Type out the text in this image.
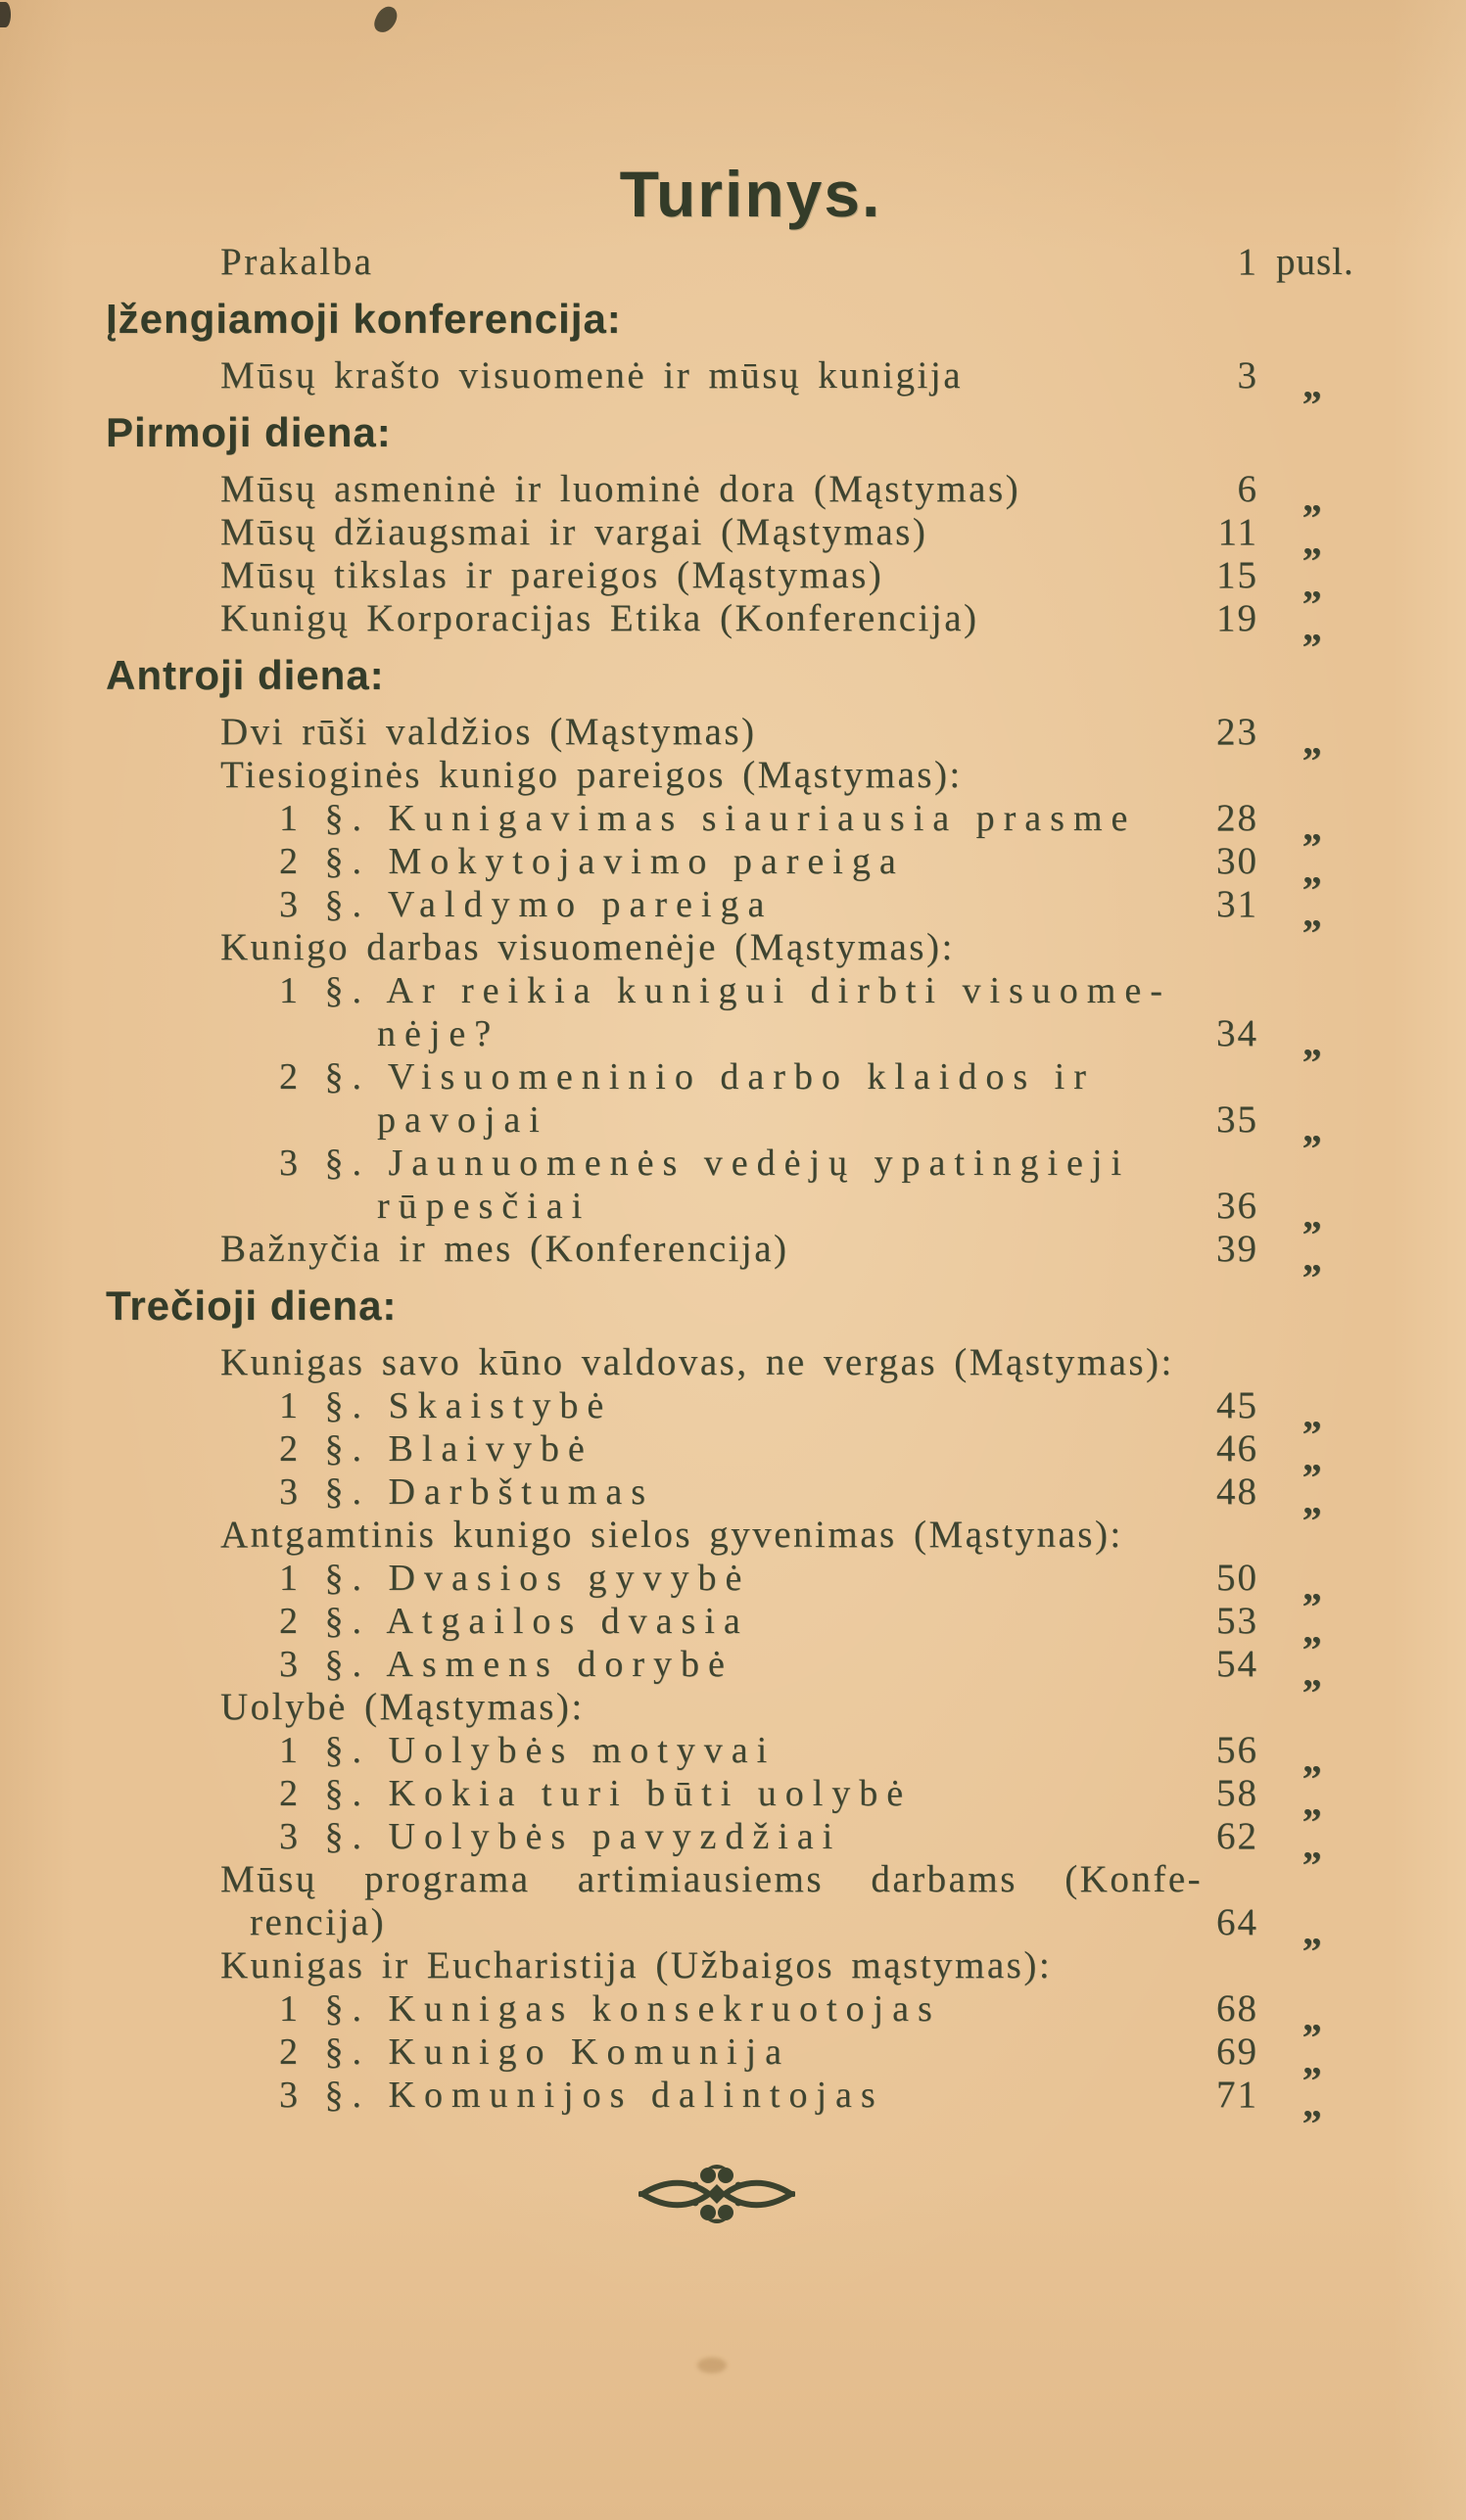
Turinys.
Prakalba	1 pusl.
Įžengiamoji konferencija:
Mūsų krašto visuomenė ir mūsų kunigija	3 „
Pirmoji diena:
Mūsų asmeninė ir luominė dora (Mąstymas)	6 „
Mūsų džiaugsmai ir vargai (Mąstymas)	11 „
Mūsų tikslas ir pareigos (Mąstymas)	15 „
Kunigų Korporacijas Etika (Konferencija)	19 „
Antroji diena:
Dvi rūši valdžios (Mąstymas)	23 „
Tiesioginės kunigo pareigos (Mąstymas):
1 §. Kunigavimas siauriausia prasme	28 „
2 §. Mokytojavimo pareiga	30 „
3 §. Valdymo pareiga	31 „
Kunigo darbas visuomenėje (Mąstymas):
1 §. Ar reikia kunigui dirbti visuome-
nėje?	34 „
2 §. Visuomeninio darbo klaidos ir
pavojai	35 „
3 §. Jaunuomenės vedėjų ypatingieji
rūpesčiai	36 „
Bažnyčia ir mes (Konferencija)	39 „
Trečioji diena:
Kunigas savo kūno valdovas, ne vergas (Mąstymas):
1 §. Skaistybė	45 „
2 §. Blaivybė	46 „
3 §. Darbštumas	48 „
Antgamtinis kunigo sielos gyvenimas (Mąstynas):
1 §. Dvasios gyvybė	50 „
2 §. Atgailos dvasia	53 „
3 §. Asmens dorybė	54 „
Uolybė (Mąstymas):
1 §. Uolybės motyvai	56 „
2 §. Kokia turi būti uolybė	58 „
3 §. Uolybės pavyzdžiai	62 „
Mūsų programa artimiausiems darbams (Konfe-
rencija)	64 „
Kunigas ir Eucharistija (Užbaigos mąstymas):
1 §. Kunigas konsekruotojas	68 „
2 §. Kunigo Komunija	69 „
3 §. Komunijos dalintojas	71 „
